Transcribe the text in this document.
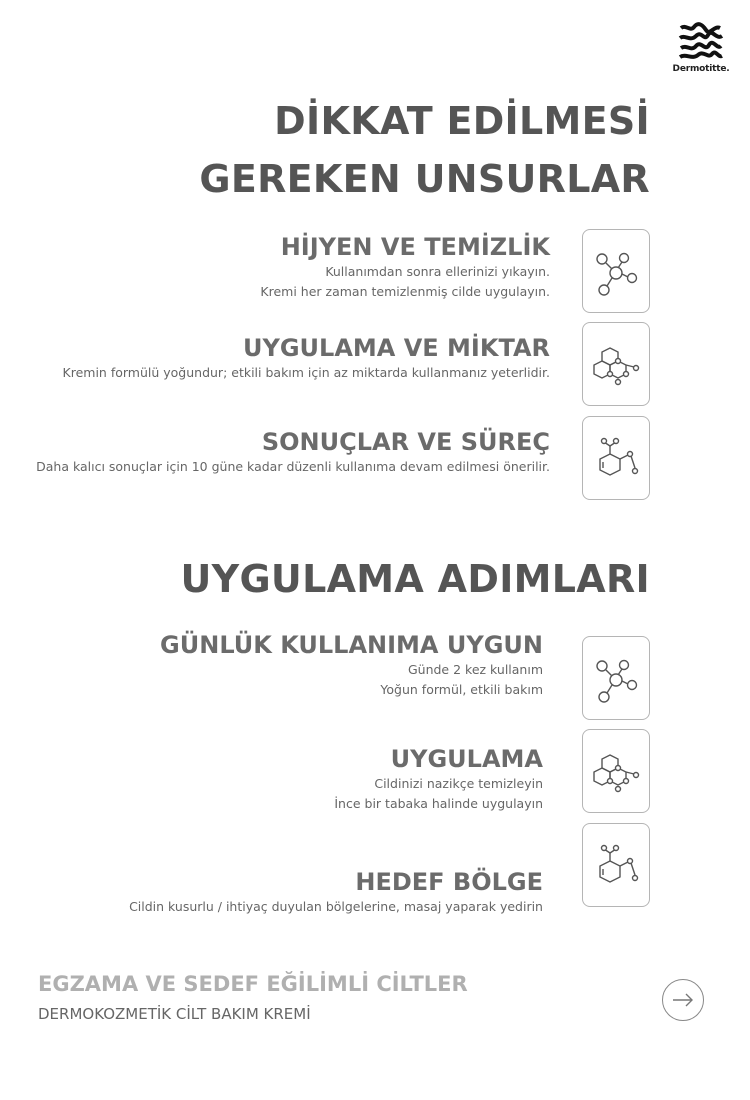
Dermotitte.
DİKKAT EDİLMESİ
GEREKEN UNSURLAR
HİJYEN VE TEMİZLİK
Kullanımdan sonra ellerinizi yıkayın.
Kremi her zaman temizlenmiş cilde uygulayın.
UYGULAMA VE MİKTAR
Kremin formülü yoğundur; etkili bakım için az miktarda kullanmanız yeterlidir.
SONUÇLAR VE SÜREÇ
Daha kalıcı sonuçlar için 10 güne kadar düzenli kullanıma devam edilmesi önerilir.
UYGULAMA ADIMLARI
GÜNLÜK KULLANIMA UYGUN
Günde 2 kez kullanım
Yoğun formül, etkili bakım
UYGULAMA
Cildinizi nazikçe temizleyin
İnce bir tabaka halinde uygulayın
HEDEF BÖLGE
Cildin kusurlu / ihtiyaç duyulan bölgelerine, masaj yaparak yedirin
EGZAMA VE SEDEF EĞİLİMLİ CİLTLER
DERMOKOZMETİK CİLT BAKIM KREMİ
